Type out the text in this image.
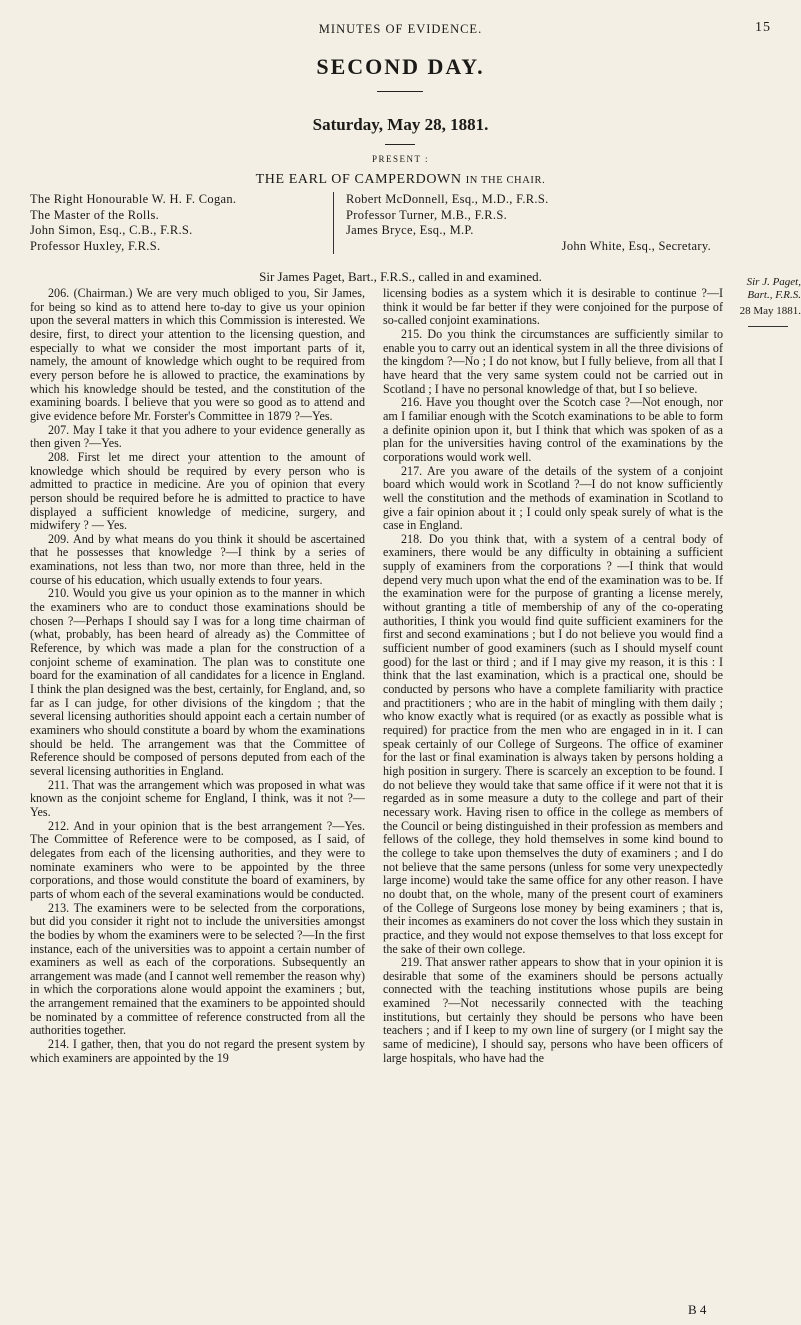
MINUTES OF EVIDENCE.	15
SECOND DAY.
Saturday, May 28, 1881.
PRESENT :
THE EARL OF CAMPERDOWN IN THE CHAIR.
The Right Honourable W. H. F. Cogan.
The Master of the Rolls.
John Simon, Esq., C.B., F.R.S.
Professor Huxley, F.R.S.
Robert McDonnell, Esq., M.D., F.R.S.
Professor Turner, M.B., F.R.S.
James Bryce, Esq., M.P.
John White, Esq., Secretary.
Sir James Paget, Bart., F.R.S., called in and examined.	Sir J. Paget, Bart., F.R.S.
28 May 1881.

206. (Chairman.) We are very much obliged to you, Sir James, for being so kind as to attend here to-day to give us your opinion upon the several matters in which this Commission is interested. We desire, first, to direct your attention to the licensing question, and especially to what we consider the most important parts of it, namely, the amount of knowledge which ought to be required from every person before he is allowed to practice, the examinations by which his knowledge should be tested, and the constitution of the examining boards. I believe that you were so good as to attend and give evidence before Mr. Forster's Committee in 1879 ?—Yes.

207. May I take it that you adhere to your evidence generally as then given ?—Yes.

208. First let me direct your attention to the amount of knowledge which should be required by every person who is admitted to practice in medicine. Are you of opinion that every person should be required before he is admitted to practice to have displayed a sufficient knowledge of medicine, surgery, and midwifery ? — Yes.

209. And by what means do you think it should be ascertained that he possesses that knowledge ?—I think by a series of examinations, not less than two, nor more than three, held in the course of his education, which usually extends to four years.

210. Would you give us your opinion as to the manner in which the examiners who are to conduct those examinations should be chosen ?—Perhaps I should say I was for a long time chairman of (what, probably, has been heard of already as) the Committee of Reference, by which was made a plan for the construction of a conjoint scheme of examination. The plan was to constitute one board for the examination of all candidates for a licence in England. I think the plan designed was the best, certainly, for England, and, so far as I can judge, for other divisions of the kingdom ; that the several licensing authorities should appoint each a certain number of examiners who should constitute a board by whom the examinations should be held. The arrangement was that the Committee of Reference should be composed of persons deputed from each of the several licensing authorities in England.

211. That was the arrangement which was proposed in what was known as the conjoint scheme for England, I think, was it not ?—Yes.

212. And in your opinion that is the best arrangement ?—Yes. The Committee of Reference were to be composed, as I said, of delegates from each of the licensing authorities, and they were to nominate examiners who were to be appointed by the three corporations, and those would constitute the board of examiners, by parts of whom each of the several examinations would be conducted.

213. The examiners were to be selected from the corporations, but did you consider it right not to include the universities amongst the bodies by whom the examiners were to be selected ?—In the first instance, each of the universities was to appoint a certain number of examiners as well as each of the corporations. Subsequently an arrangement was made (and I cannot well remember the reason why) in which the corporations alone would appoint the examiners ; but, the arrangement remained that the examiners to be appointed should be nominated by a committee of reference constructed from all the authorities together.

214. I gather, then, that you do not regard the present system by which examiners are appointed by the 19

licensing bodies as a system which it is desirable to continue ?—I think it would be far better if they were conjoined for the purpose of so-called conjoint examinations.

215. Do you think the circumstances are sufficiently similar to enable you to carry out an identical system in all the three divisions of the kingdom ?—No ; I do not know, but I fully believe, from all that I have heard that the very same system could not be carried out in Scotland ; I have no personal knowledge of that, but I so believe.

216. Have you thought over the Scotch case ?—Not enough, nor am I familiar enough with the Scotch examinations to be able to form a definite opinion upon it, but I think that which was spoken of as a plan for the universities having control of the examinations by the corporations would work well.

217. Are you aware of the details of the system of a conjoint board which would work in Scotland ?—I do not know sufficiently well the constitution and the methods of examination in Scotland to give a fair opinion about it ; I could only speak surely of what is the case in England.

218. Do you think that, with a system of a central body of examiners, there would be any difficulty in obtaining a sufficient supply of examiners from the corporations ? —I think that would depend very much upon what the end of the examination was to be. If the examination were for the purpose of granting a license merely, without granting a title of membership of any of the co-operating authorities, I think you would find quite sufficient examiners for the first and second examinations ; but I do not believe you would find a sufficient number of good examiners (such as I should myself count good) for the last or third ; and if I may give my reason, it is this : I think that the last examination, which is a practical one, should be conducted by persons who have a complete familiarity with practice and practitioners ; who are in the habit of mingling with them daily ; who know exactly what is required (or as exactly as possible what is required) for practice from the men who are engaged in in it. I can speak certainly of our College of Surgeons. The office of examiner for the last or final examination is always taken by persons holding a high position in surgery. There is scarcely an exception to be found. I do not believe they would take that same office if it were not that it is regarded as in some measure a duty to the college and part of their necessary work. Having risen to office in the college as members of the Council or being distinguished in their profession as members and fellows of the college, they hold themselves in some kind bound to the college to take upon themselves the duty of examiners ; and I do not believe that the same persons (unless for some very unexpectedly large income) would take the same office for any other reason. I have no doubt that, on the whole, many of the present court of examiners of the College of Surgeons lose money by being examiners ; that is, their incomes as examiners do not cover the loss which they sustain in practice, and they would not expose themselves to that loss except for the sake of their own college.

219. That answer rather appears to show that in your opinion it is desirable that some of the examiners should be persons actually connected with the teaching institutions whose pupils are being examined ?—Not necessarily connected with the teaching institutions, but certainly they should be persons who have been teachers ; and if I keep to my own line of surgery (or I might say the same of medicine), I should say, persons who have been officers of large hospitals, who have had the

B 4
